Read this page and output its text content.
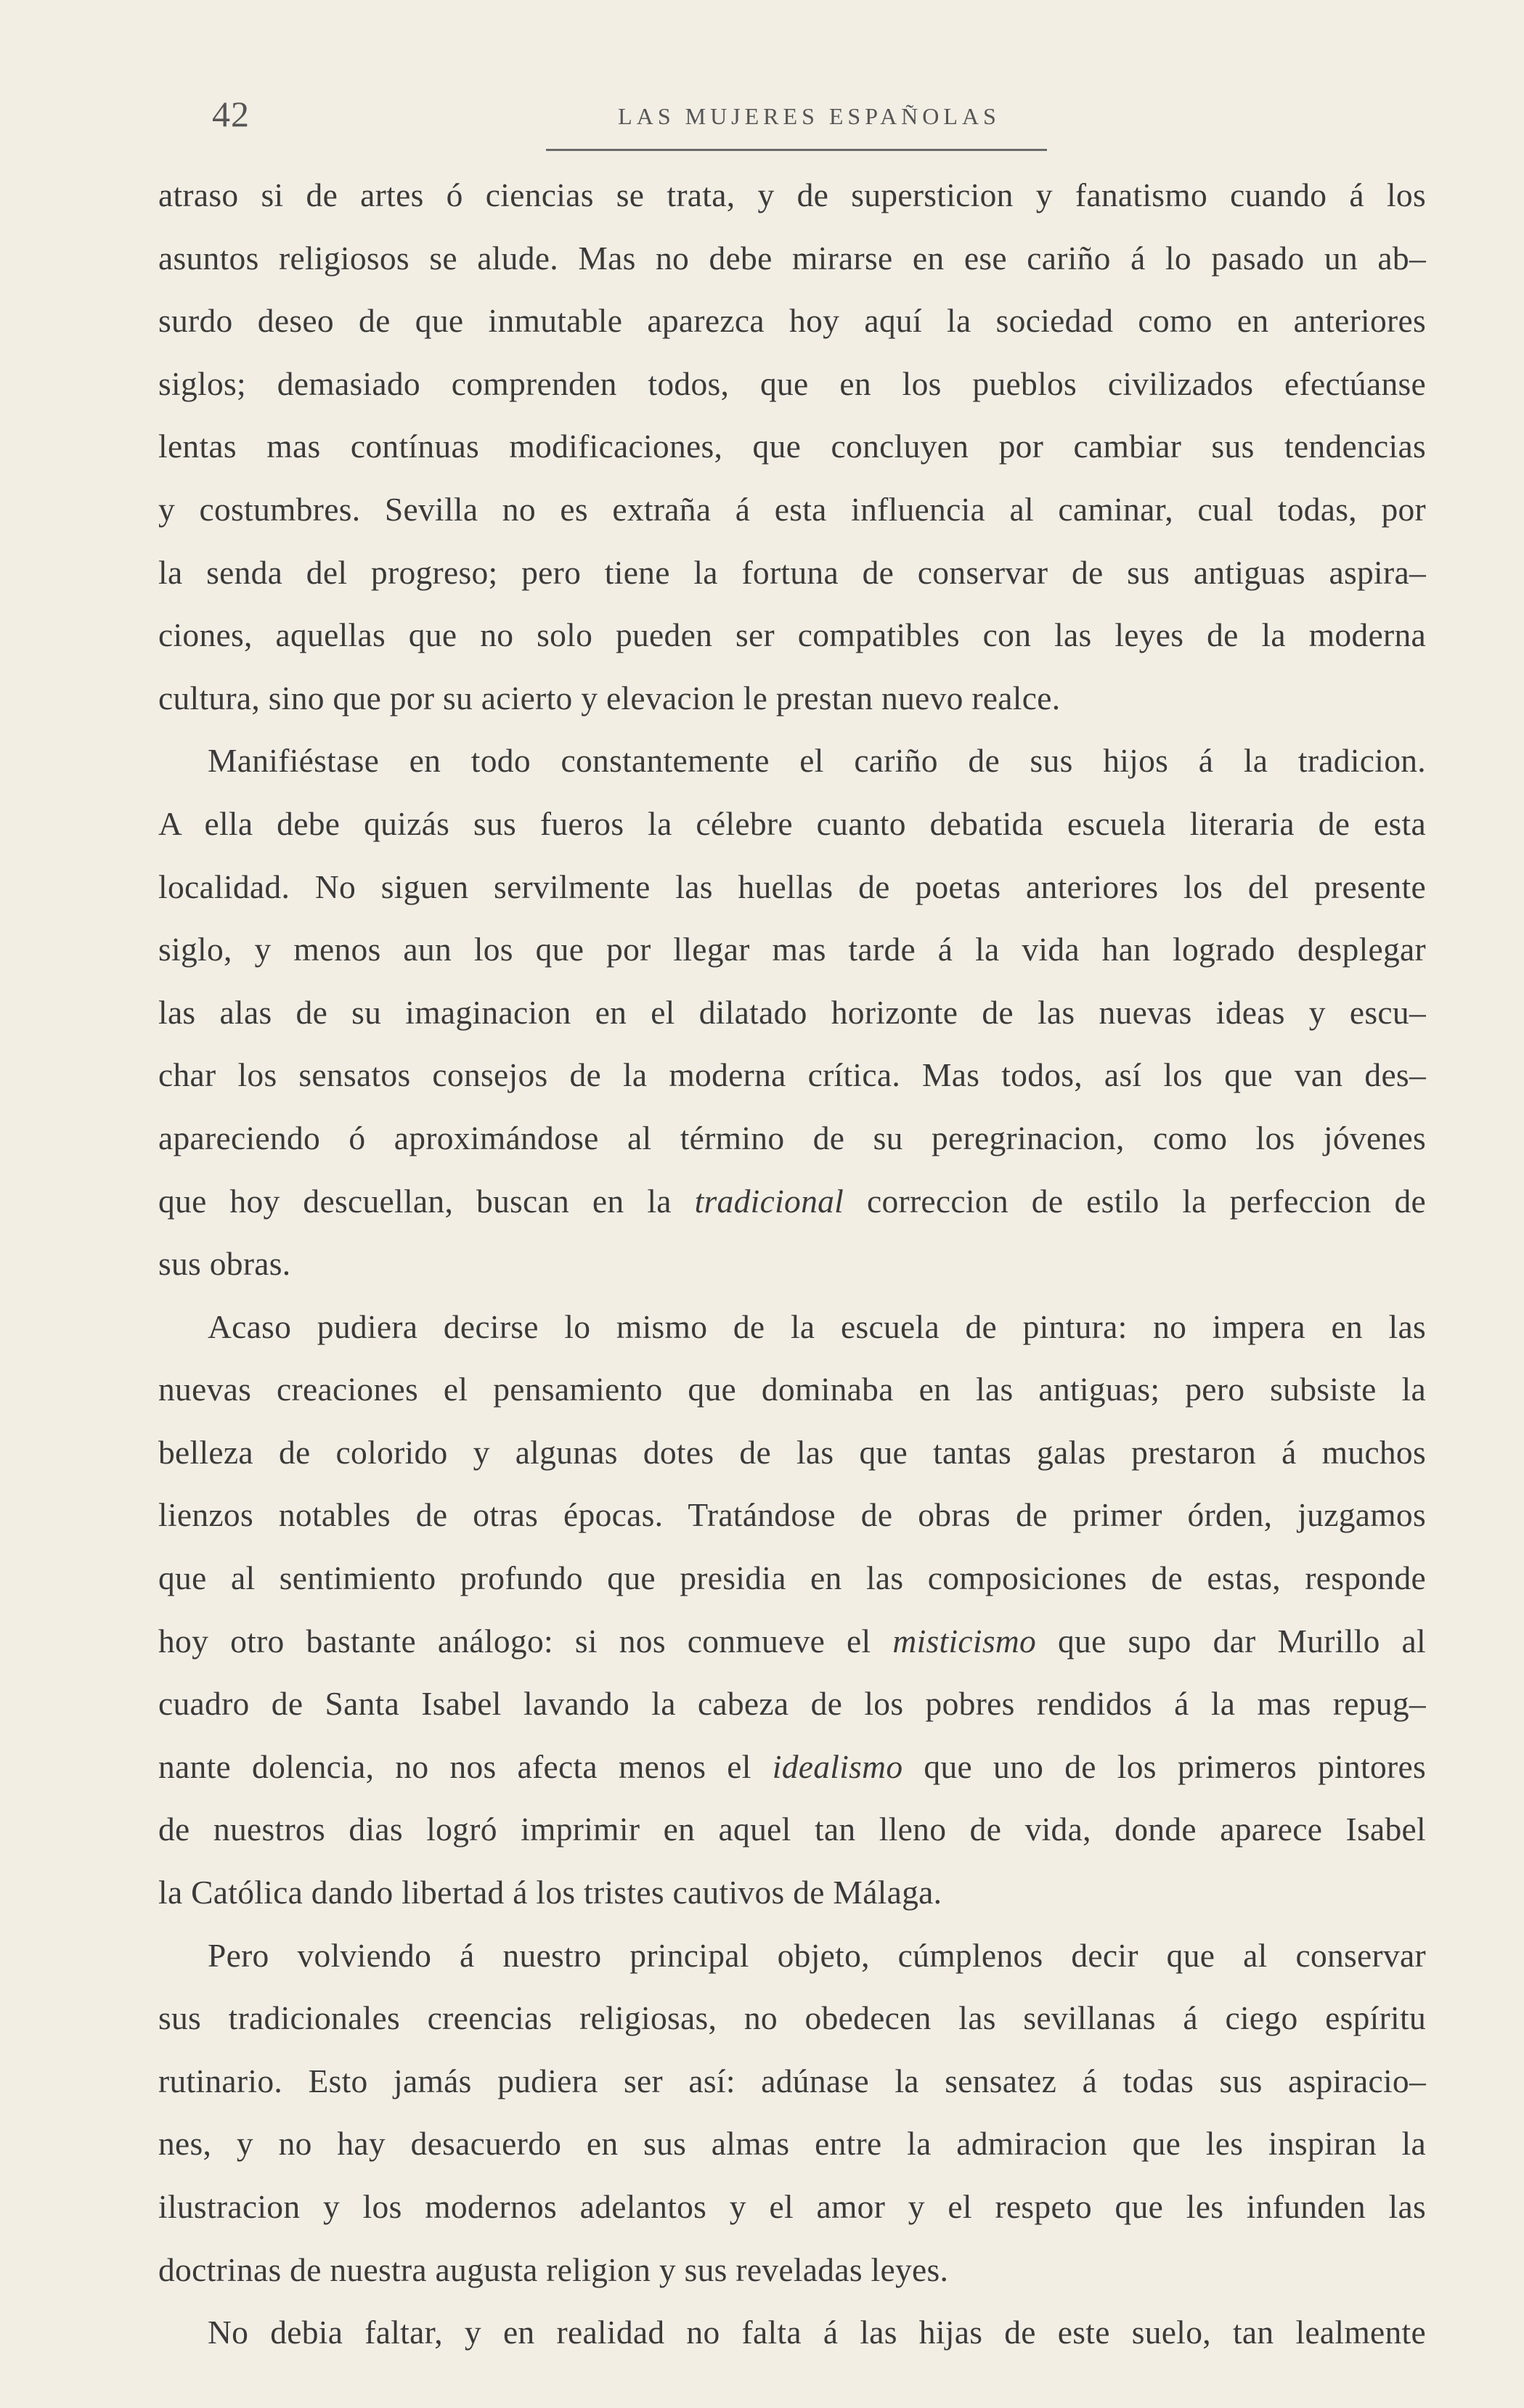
42	LAS MUJERES ESPAÑOLAS

atraso si de artes ó ciencias se trata, y de supersticion y fanatismo cuando á los
asuntos religiosos se alude. Mas no debe mirarse en ese cariño á lo pasado un ab–
surdo deseo de que inmutable aparezca hoy aquí la sociedad como en anteriores
siglos; demasiado comprenden todos, que en los pueblos civilizados efectúanse
lentas mas contínuas modificaciones, que concluyen por cambiar sus tendencias
y costumbres. Sevilla no es extraña á esta influencia al caminar, cual todas, por
la senda del progreso; pero tiene la fortuna de conservar de sus antiguas aspira–
ciones, aquellas que no solo pueden ser compatibles con las leyes de la moderna
cultura, sino que por su acierto y elevacion le prestan nuevo realce.

Manifiéstase en todo constantemente el cariño de sus hijos á la tradicion.
A ella debe quizás sus fueros la célebre cuanto debatida escuela literaria de esta
localidad. No siguen servilmente las huellas de poetas anteriores los del presente
siglo, y menos aun los que por llegar mas tarde á la vida han logrado desplegar
las alas de su imaginacion en el dilatado horizonte de las nuevas ideas y escu–
char los sensatos consejos de la moderna crítica. Mas todos, así los que van des–
apareciendo ó aproximándose al término de su peregrinacion, como los jóvenes
que hoy descuellan, buscan en la tradicional correccion de estilo la perfeccion de
sus obras.

Acaso pudiera decirse lo mismo de la escuela de pintura: no impera en las
nuevas creaciones el pensamiento que dominaba en las antiguas; pero subsiste la
belleza de colorido y algunas dotes de las que tantas galas prestaron á muchos
lienzos notables de otras épocas. Tratándose de obras de primer órden, juzgamos
que al sentimiento profundo que presidia en las composiciones de estas, responde
hoy otro bastante análogo: si nos conmueve el misticismo que supo dar Murillo al
cuadro de Santa Isabel lavando la cabeza de los pobres rendidos á la mas repug–
nante dolencia, no nos afecta menos el idealismo que uno de los primeros pintores
de nuestros dias logró imprimir en aquel tan lleno de vida, donde aparece Isabel
la Católica dando libertad á los tristes cautivos de Málaga.

Pero volviendo á nuestro principal objeto, cúmplenos decir que al conservar
sus tradicionales creencias religiosas, no obedecen las sevillanas á ciego espíritu
rutinario. Esto jamás pudiera ser así: adúnase la sensatez á todas sus aspiracio–
nes, y no hay desacuerdo en sus almas entre la admiracion que les inspiran la
ilustracion y los modernos adelantos y el amor y el respeto que les infunden las
doctrinas de nuestra augusta religion y sus reveladas leyes.

No debia faltar, y en realidad no falta á las hijas de este suelo, tan lealmente
